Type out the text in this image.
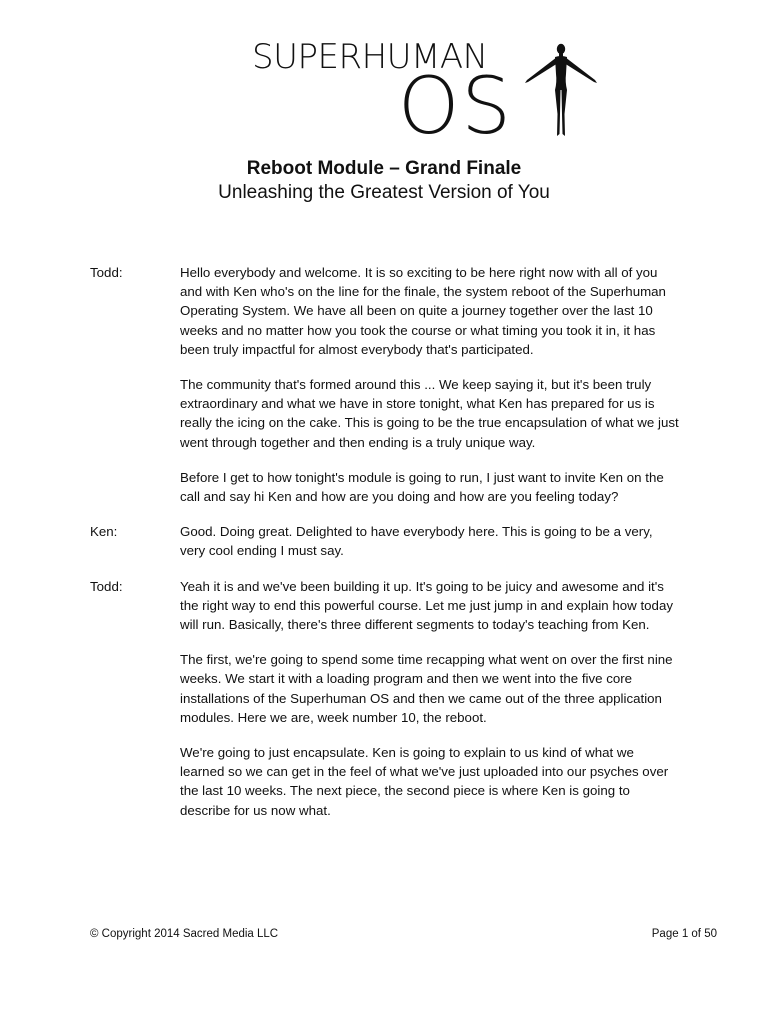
SUPERHUMAN
OS
Reboot Module – Grand Finale
Unleashing the Greatest Version of You
Todd:	Hello everybody and welcome. It is so exciting to be here right now with all of you and with Ken who's on the line for the finale, the system reboot of the Superhuman Operating System. We have all been on quite a journey together over the last 10 weeks and no matter how you took the course or what timing you took it in, it has been truly impactful for almost everybody that's participated.

The community that's formed around this ... We keep saying it, but it's been truly extraordinary and what we have in store tonight, what Ken has prepared for us is really the icing on the cake. This is going to be the true encapsulation of what we just went through together and then ending is a truly unique way.

Before I get to how tonight's module is going to run, I just want to invite Ken on the call and say hi Ken and how are you doing and how are you feeling today?

Ken:	Good. Doing great. Delighted to have everybody here. This is going to be a very, very cool ending I must say.

Todd:	Yeah it is and we've been building it up. It's going to be juicy and awesome and it's the right way to end this powerful course. Let me just jump in and explain how today will run. Basically, there's three different segments to today's teaching from Ken.

The first, we're going to spend some time recapping what went on over the first nine weeks. We start it with a loading program and then we went into the five core installations of the Superhuman OS and then we came out of the three application modules. Here we are, week number 10, the reboot.

We're going to just encapsulate. Ken is going to explain to us kind of what we learned so we can get in the feel of what we've just uploaded into our psyches over the last 10 weeks. The next piece, the second piece is where Ken is going to describe for us now what.

© Copyright 2014 Sacred Media LLC	Page 1 of 50
